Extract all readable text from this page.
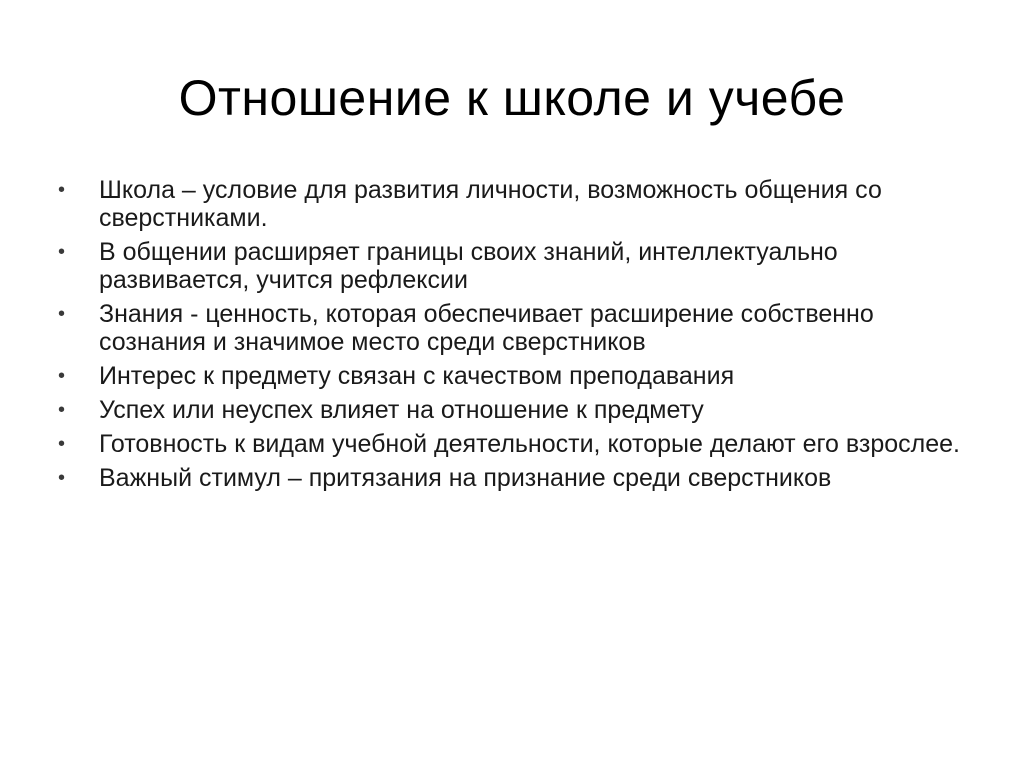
Отношение к школе и учебе
•	Школа – условие для развития личности, возможность общения со сверстниками.
•	В общении расширяет границы своих знаний, интеллектуально развивается, учится рефлексии
•	Знания - ценность, которая обеспечивает расширение собственно сознания и значимое место среди сверстников
•	Интерес к предмету связан с качеством преподавания
•	Успех или неуспех влияет на отношение к предмету
•	Готовность к видам учебной деятельности, которые делают его взрослее.
•	Важный стимул – притязания на признание среди сверстников
